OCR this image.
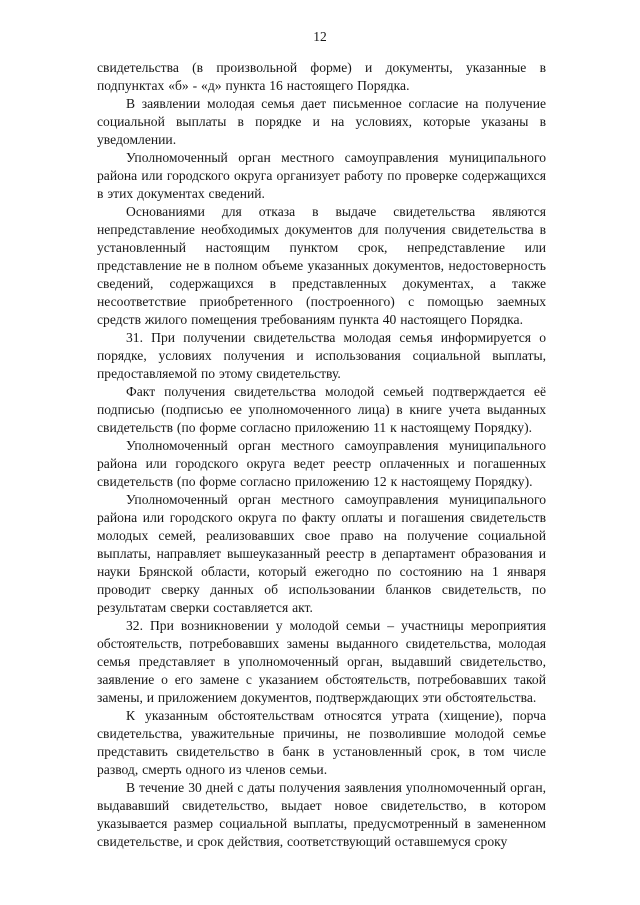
12

свидетельства (в произвольной форме) и документы, указанные в подпунктах «б» - «д» пункта 16 настоящего Порядка.

В заявлении молодая семья дает письменное согласие на получение социальной выплаты в порядке и на условиях, которые указаны в уведомлении.

Уполномоченный орган местного самоуправления муниципального района или городского округа организует работу по проверке содержащихся в этих документах сведений.

Основаниями для отказа в выдаче свидетельства являются непредставление необходимых документов для получения свидетельства в установленный настоящим пунктом срок, непредставление или представление не в полном объеме указанных документов, недостоверность сведений, содержащихся в представленных документах, а также несоответствие приобретенного (построенного) с помощью заемных средств жилого помещения требованиям пункта 40 настоящего Порядка.

31. При получении свидетельства молодая семья информируется о порядке, условиях получения и использования социальной выплаты, предоставляемой по этому свидетельству.

Факт получения свидетельства молодой семьей подтверждается её подписью (подписью ее уполномоченного лица) в книге учета выданных свидетельств (по форме согласно приложению 11 к настоящему Порядку).

Уполномоченный орган местного самоуправления муниципального района или городского округа ведет реестр оплаченных и погашенных свидетельств (по форме согласно приложению 12 к настоящему Порядку).

Уполномоченный орган местного самоуправления муниципального района или городского округа по факту оплаты и погашения свидетельств молодых семей, реализовавших свое право на получение социальной выплаты, направляет вышеуказанный реестр в департамент образования и науки Брянской области, который ежегодно по состоянию на 1 января проводит сверку данных об использовании бланков свидетельств, по результатам сверки составляется акт.

32. При возникновении у молодой семьи – участницы мероприятия обстоятельств, потребовавших замены выданного свидетельства, молодая семья представляет в уполномоченный орган, выдавший свидетельство, заявление о его замене с указанием обстоятельств, потребовавших такой замены, и приложением документов, подтверждающих эти обстоятельства.

К указанным обстоятельствам относятся утрата (хищение), порча свидетельства, уважительные причины, не позволившие молодой семье представить свидетельство в банк в установленный срок, в том числе развод, смерть одного из членов семьи.

В течение 30 дней с даты получения заявления уполномоченный орган, выдававший свидетельство, выдает новое свидетельство, в котором указывается размер социальной выплаты, предусмотренный в замененном свидетельстве, и срок действия, соответствующий оставшемуся сроку
